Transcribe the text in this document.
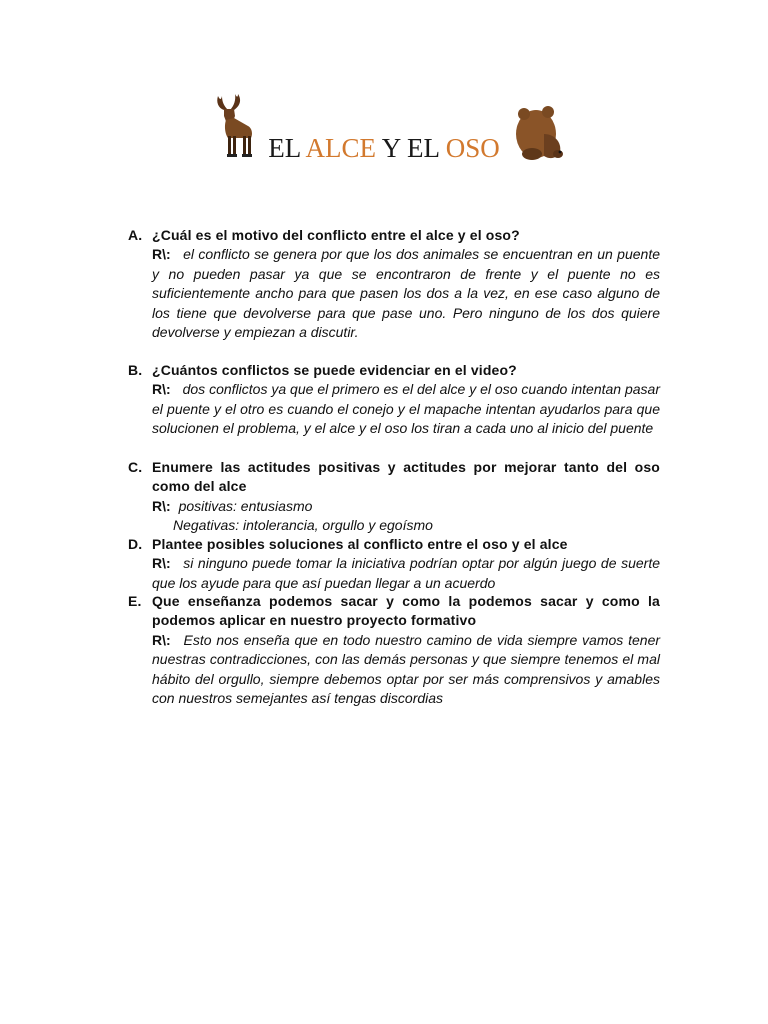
EL ALCE Y EL OSO
A. ¿Cuál es el motivo del conflicto entre el alce y el oso?
R\: el conflicto se genera por que los dos animales se encuentran en un puente y no pueden pasar ya que se encontraron de frente y el puente no es suficientemente ancho para que pasen los dos a la vez, en ese caso alguno de los tiene que devolverse para que pase uno. Pero ninguno de los dos quiere devolverse y empiezan a discutir.
B. ¿Cuántos conflictos se puede evidenciar en el video?
R\: dos conflictos ya que el primero es el del alce y el oso cuando intentan pasar el puente y el otro es cuando el conejo y el mapache intentan ayudarlos para que solucionen el problema, y el alce y el oso los tiran a cada uno al inicio del puente
C. Enumere las actitudes positivas y actitudes por mejorar tanto del oso como del alce
R\: positivas: entusiasmo
Negativas: intolerancia, orgullo y egoísmo
D. Plantee posibles soluciones al conflicto entre el oso y el alce
R\: si ninguno puede tomar la iniciativa podrían optar por algún juego de suerte que los ayude para que así puedan llegar a un acuerdo
E. Que enseñanza podemos sacar y como la podemos sacar y como la podemos aplicar en nuestro proyecto formativo
R\: Esto nos enseña que en todo nuestro camino de vida siempre vamos tener nuestras contradicciones, con las demás personas y que siempre tenemos el mal hábito del orgullo, siempre debemos optar por ser más comprensivos y amables con nuestros semejantes así tengas discordias
